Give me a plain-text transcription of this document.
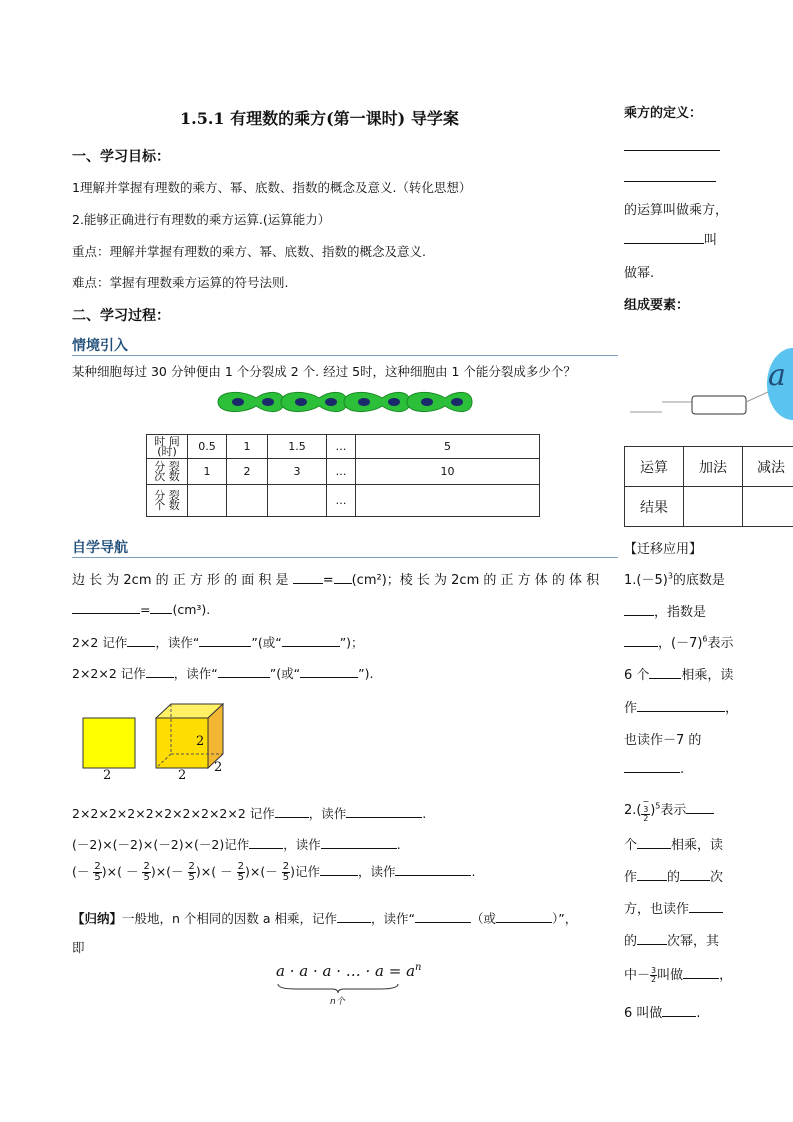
1.5.1 有理数的乘方(第一课时) 导学案
一、学习目标：
1理解并掌握有理数的乘方、幂、底数、指数的概念及意义.（转化思想）
2.能够正确进行有理数的乘方运算.(运算能力）
重点：理解并掌握有理数的乘方、幂、底数、指数的概念及意义.
难点：掌握有理数乘方运算的符号法则.
二、学习过程：
情境引入
某种细胞每过 30 分钟便由 1 个分裂成 2 个. 经过 5时，这种细胞由 1 个能分裂成多少个？
时 间
(时)	0.5	1	1.5	…	5
分 裂
次 数	1	2	3	…	10
分 裂
个 数				…	
自学导航
边 长 为 2cm 的 正 方 形 的 面 积 是	= (cm²)；棱 长 为 2cm 的 正 方 体 的 体 积
= (cm³).
2×2 记作 ，读作“	”(或“	”)；
2×2×2 记作 ，读作“	”(或“	”).
2	2
2
2
2×2×2×2×2×2×2×2×2×2 记作	，读作	.
(－2)×(－2)×(－2)×(－2)记作	，读作	.
(－ $\frac{2}{5}$ )×( － $\frac{2}{5}$ )×(－ $\frac{2}{5}$ )×( － $\frac{2}{5}$ )×(－ $\frac{2}{5}$ )记作	，读作	.
【归纳】一般地，n 个相同的因数 a 相乘，记作	，读作“	（或	）”，
即
a · a · a · … · $a = a^n$
n个
乘方的定义：
的运算叫做乘方，
叫
做幂.
组成要素：
a
运算	加法	减法
结果		
【迁移应用】
$1.(-5)^3$的底数是
，指数是
，$(-7)^6$表示
6 个 相乘，读
作	，
也读作－7 的
.
2.( −
3
2 )$^5$表示
个	相乘，读
作 的 次
方，也读作
的 次幂，其
中－ $\frac{3}{2}$ 叫做	，
6 叫做	.
